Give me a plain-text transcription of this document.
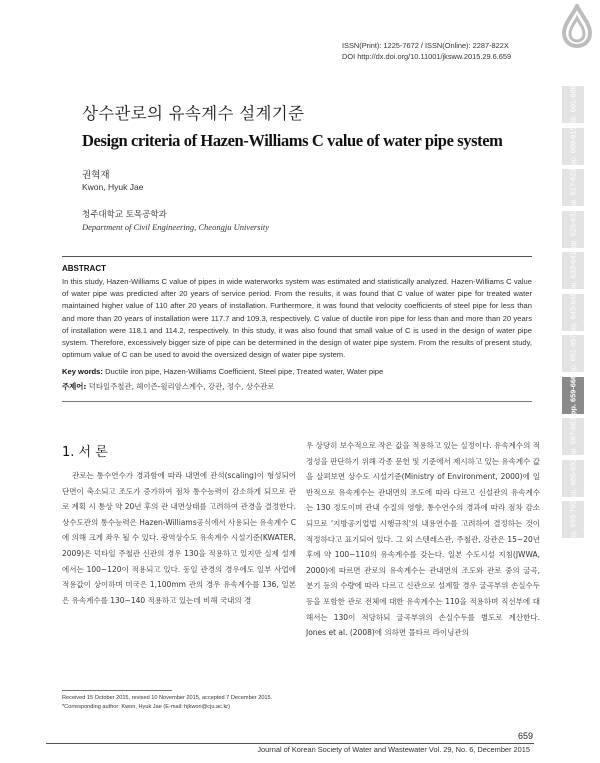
ISSN(Print): 1225-7672 / ISSN(Online): 2287-822X
DOI http://dx.doi.org/10.11001/jksww.2015.29.6.659
pp. 601-608
pp. 609-615
pp. 617-623
pp. 625-632
pp. 633-641
pp. 643-649
pp. 651-657
pp. 659-666
pp. 667-683
pp. 685-692
pp. 693-702
상수관로의 유속계수 설계기준
Design criteria of Hazen-Williams C value of water pipe system
권혁재
Kwon, Hyuk Jae
청주대학교 토목공학과
Department of Civil Engineering, Cheongju University
ABSTRACT
In this study, Hazen-Williams C value of pipes in wide waterworks system was estimated and statistically analyzed. Hazen-Williams C value of water pipe was predicted after 20 years of service period. From the results, it was found that C value of water pipe for treated water maintained higher value of 110 after 20 years of installation. Furthermore, it was found that velocity coefficients of steel pipe for less than and more than 20 years of installation were 117.7 and 109.3, respectively. C value of ductile iron pipe for less than and more than 20 years of installation were 118.1 and 114.2, respectively. In this study, it was also found that small value of C is used in the design of water pipe system. Therefore, excessively bigger size of pipe can be determined in the design of water pipe system. From the results of present study, optimum value of C can be used to avoid the oversized design of water pipe system.
Key words: Ductile iron pipe, Hazen-Williams Coefficient, Steel pipe, Treated water, Water pipe
주제어: 덕타일주철관, 헤이즌-윌리암스계수, 강관, 정수, 상수관로
1. 서 론
관로는 통수연수가 경과함에 따라 내면에 관석(scaling)이 형성되어 단면이 축소되고 조도가 증가하여 점차 통수능력이 감소하게 되므로 관로 계획 시 통상 약 20년 후의 관 내면상태를 고려하여 관경을 결정한다. 상수도관의 통수능력은 Hazen-Williams공식에서 사용되는 유속계수 C에 의해 크게 좌우 될 수 있다. 광역상수도 유속계수 시설기준(KWATER, 2009)은 덕타일 주철관 신관의 경우 130을 적용하고 있지만 실제 설계에서는 100~120이 적용되고 있다. 동일 관경의 경우에도 일부 사업에 적용값이 상이하며 미국은 1,100mm 관의 경우 유속계수를 136, 일본은 유속계수를 130~140 적용하고 있는데 비해 국내의 경
우 상당히 보수적으로 작은 값을 적용하고 있는 실정이다. 유속계수의 적정성을 판단하기 위해 각종 문헌 및 기준에서 제시하고 있는 유속계수 값을 살펴보면 상수도 시설기준(Ministry of Environment, 2000)에 일반적으로 유속계수는 관내면의 조도에 따라 다르고 신설관의 유속계수는 130 정도이며 관내 수질의 영향, 통수연수의 경과에 따라 점차 감소되므로 '지방공기업법 시행규칙'의 내용연수를 고려하여 결정하는 것이 적정하다고 표기되어 있다. 그 외 스텐레스관, 주철관, 강관은 15~20년 후에 약 100~110의 유속계수를 갖는다. 일본 수도시설 지침(JWWA, 2000)에 따르면 관로의 유속계수는 관내면의 조도와 관로 중의 굴곡, 분기 등의 수량에 따라 다르고 신관으로 설계할 경우 굴곡부위 손실수두 등을 포함한 관로 전체에 대한 유속계수는 110을 적용하며 직선부에 대해서는 130이 적당하되 굴곡부위의 손실수두를 별도로 계산한다. Jones et al. (2008)에 의하면 몰타르 라이닝관의
Received 15 October 2015, revised 10 November 2015, accepted 7 December 2015.
*Corresponding author: Kwon, Hyuk Jae (E-mail: hjkwon@cju.ac.kr)
659
Journal of Korean Society of Water and Wastewater Vol. 29, No. 6, December 2015
